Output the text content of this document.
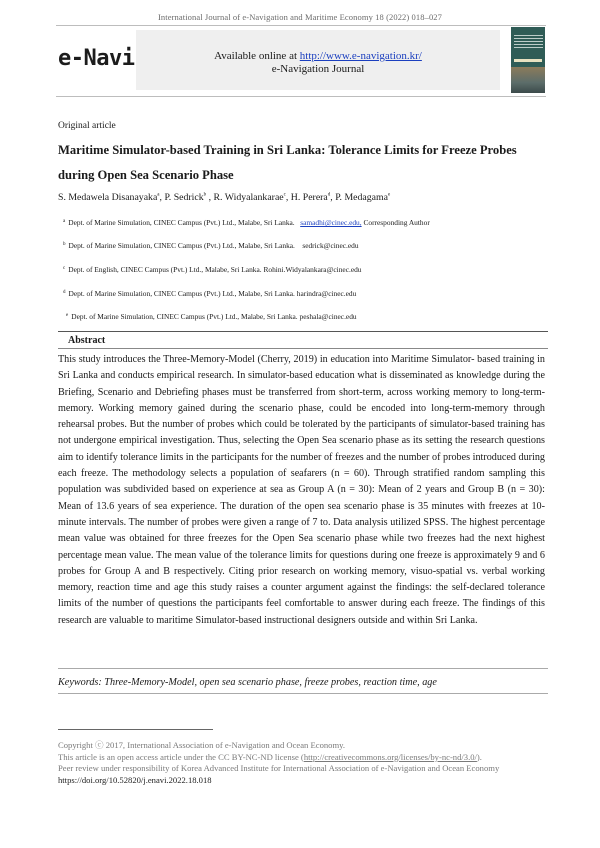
International Journal of e-Navigation and Maritime Economy 18 (2022) 018–027
e-Navi	Available online at http://www.e-navigation.kr/
e-Navigation Journal
Original article
Maritime Simulator-based Training in Sri Lanka: Tolerance Limits for Freeze Probes during Open Sea Scenario Phase
S. Medawela Disanayaka$^a$, P. Sedrick$^b$ , R. Widyalankarae$^c$, H. Perera$^d$, P. Medagama$^e$
$^a$ Dept. of Marine Simulation, CINEC Campus (Pvt.) Ltd., Malabe, Sri Lanka. samadhi@cinec.edu, Corresponding Author
$^b$ Dept. of Marine Simulation, CINEC Campus (Pvt.) Ltd., Malabe, Sri Lanka. sedrick@cinec.edu
$^c$ Dept. of English, CINEC Campus (Pvt.) Ltd., Malabe, Sri Lanka. Rohini.Widyalankara@cinec.edu
$^d$ Dept. of Marine Simulation, CINEC Campus (Pvt.) Ltd., Malabe, Sri Lanka. harindra@cinec.edu
$^e$ Dept. of Marine Simulation, CINEC Campus (Pvt.) Ltd., Malabe, Sri Lanka. peshala@cinec.edu
Abstract
This study introduces the Three-Memory-Model (Cherry, 2019) in education into Maritime Simulator- based training in Sri Lanka and conducts empirical research. In simulator-based education what is disseminated as knowledge during the Briefing, Scenario and Debriefing phases must be transferred from short-term, across working memory to long-term-memory. Working memory gained during the scenario phase, could be encoded into long-term-memory through rehearsal probes. But the number of probes which could be tolerated by the participants of simulator-based training has not undergone empirical investigation. Thus, selecting the Open Sea scenario phase as its setting the research questions aim to identify tolerance limits in the participants for the number of freezes and the number of probes introduced during each freeze. The methodology selects a population of seafarers (n = 60). Through stratified random sampling this population was subdivided based on experience at sea as Group A (n = 30): Mean of 2 years and Group B (n = 30): Mean of 13.6 years of sea experience. The duration of the open sea scenario phase is 35 minutes with freezes at 10-minute intervals. The number of probes were given a range of 7 to. Data analysis utilized SPSS. The highest percentage mean value was obtained for three freezes for the Open Sea scenario phase while two freezes had the next highest percentage mean value. The mean value of the tolerance limits for questions during one freeze is approximately 9 and 6 probes for Group A and B respectively. Citing prior research on working memory, visuo-spatial vs. verbal working memory, reaction time and age this study raises a counter argument against the findings: the self-declared tolerance limits of the number of questions the participants feel comfortable to answer during each freeze. The findings of this research are valuable to maritime Simulator-based instructional designers outside and within Sri Lanka.
Keywords: Three-Memory-Model, open sea scenario phase, freeze probes, reaction time, age
Copyright ⓒ 2017, International Association of e-Navigation and Ocean Economy.
This article is an open access article under the CC BY-NC-ND license (http://creativecommons.org/licenses/by-nc-nd/3.0/).
Peer review under responsibility of Korea Advanced Institute for International Association of e-Navigation and Ocean Economy
https://doi.org/10.52820/j.enavi.2022.18.018
